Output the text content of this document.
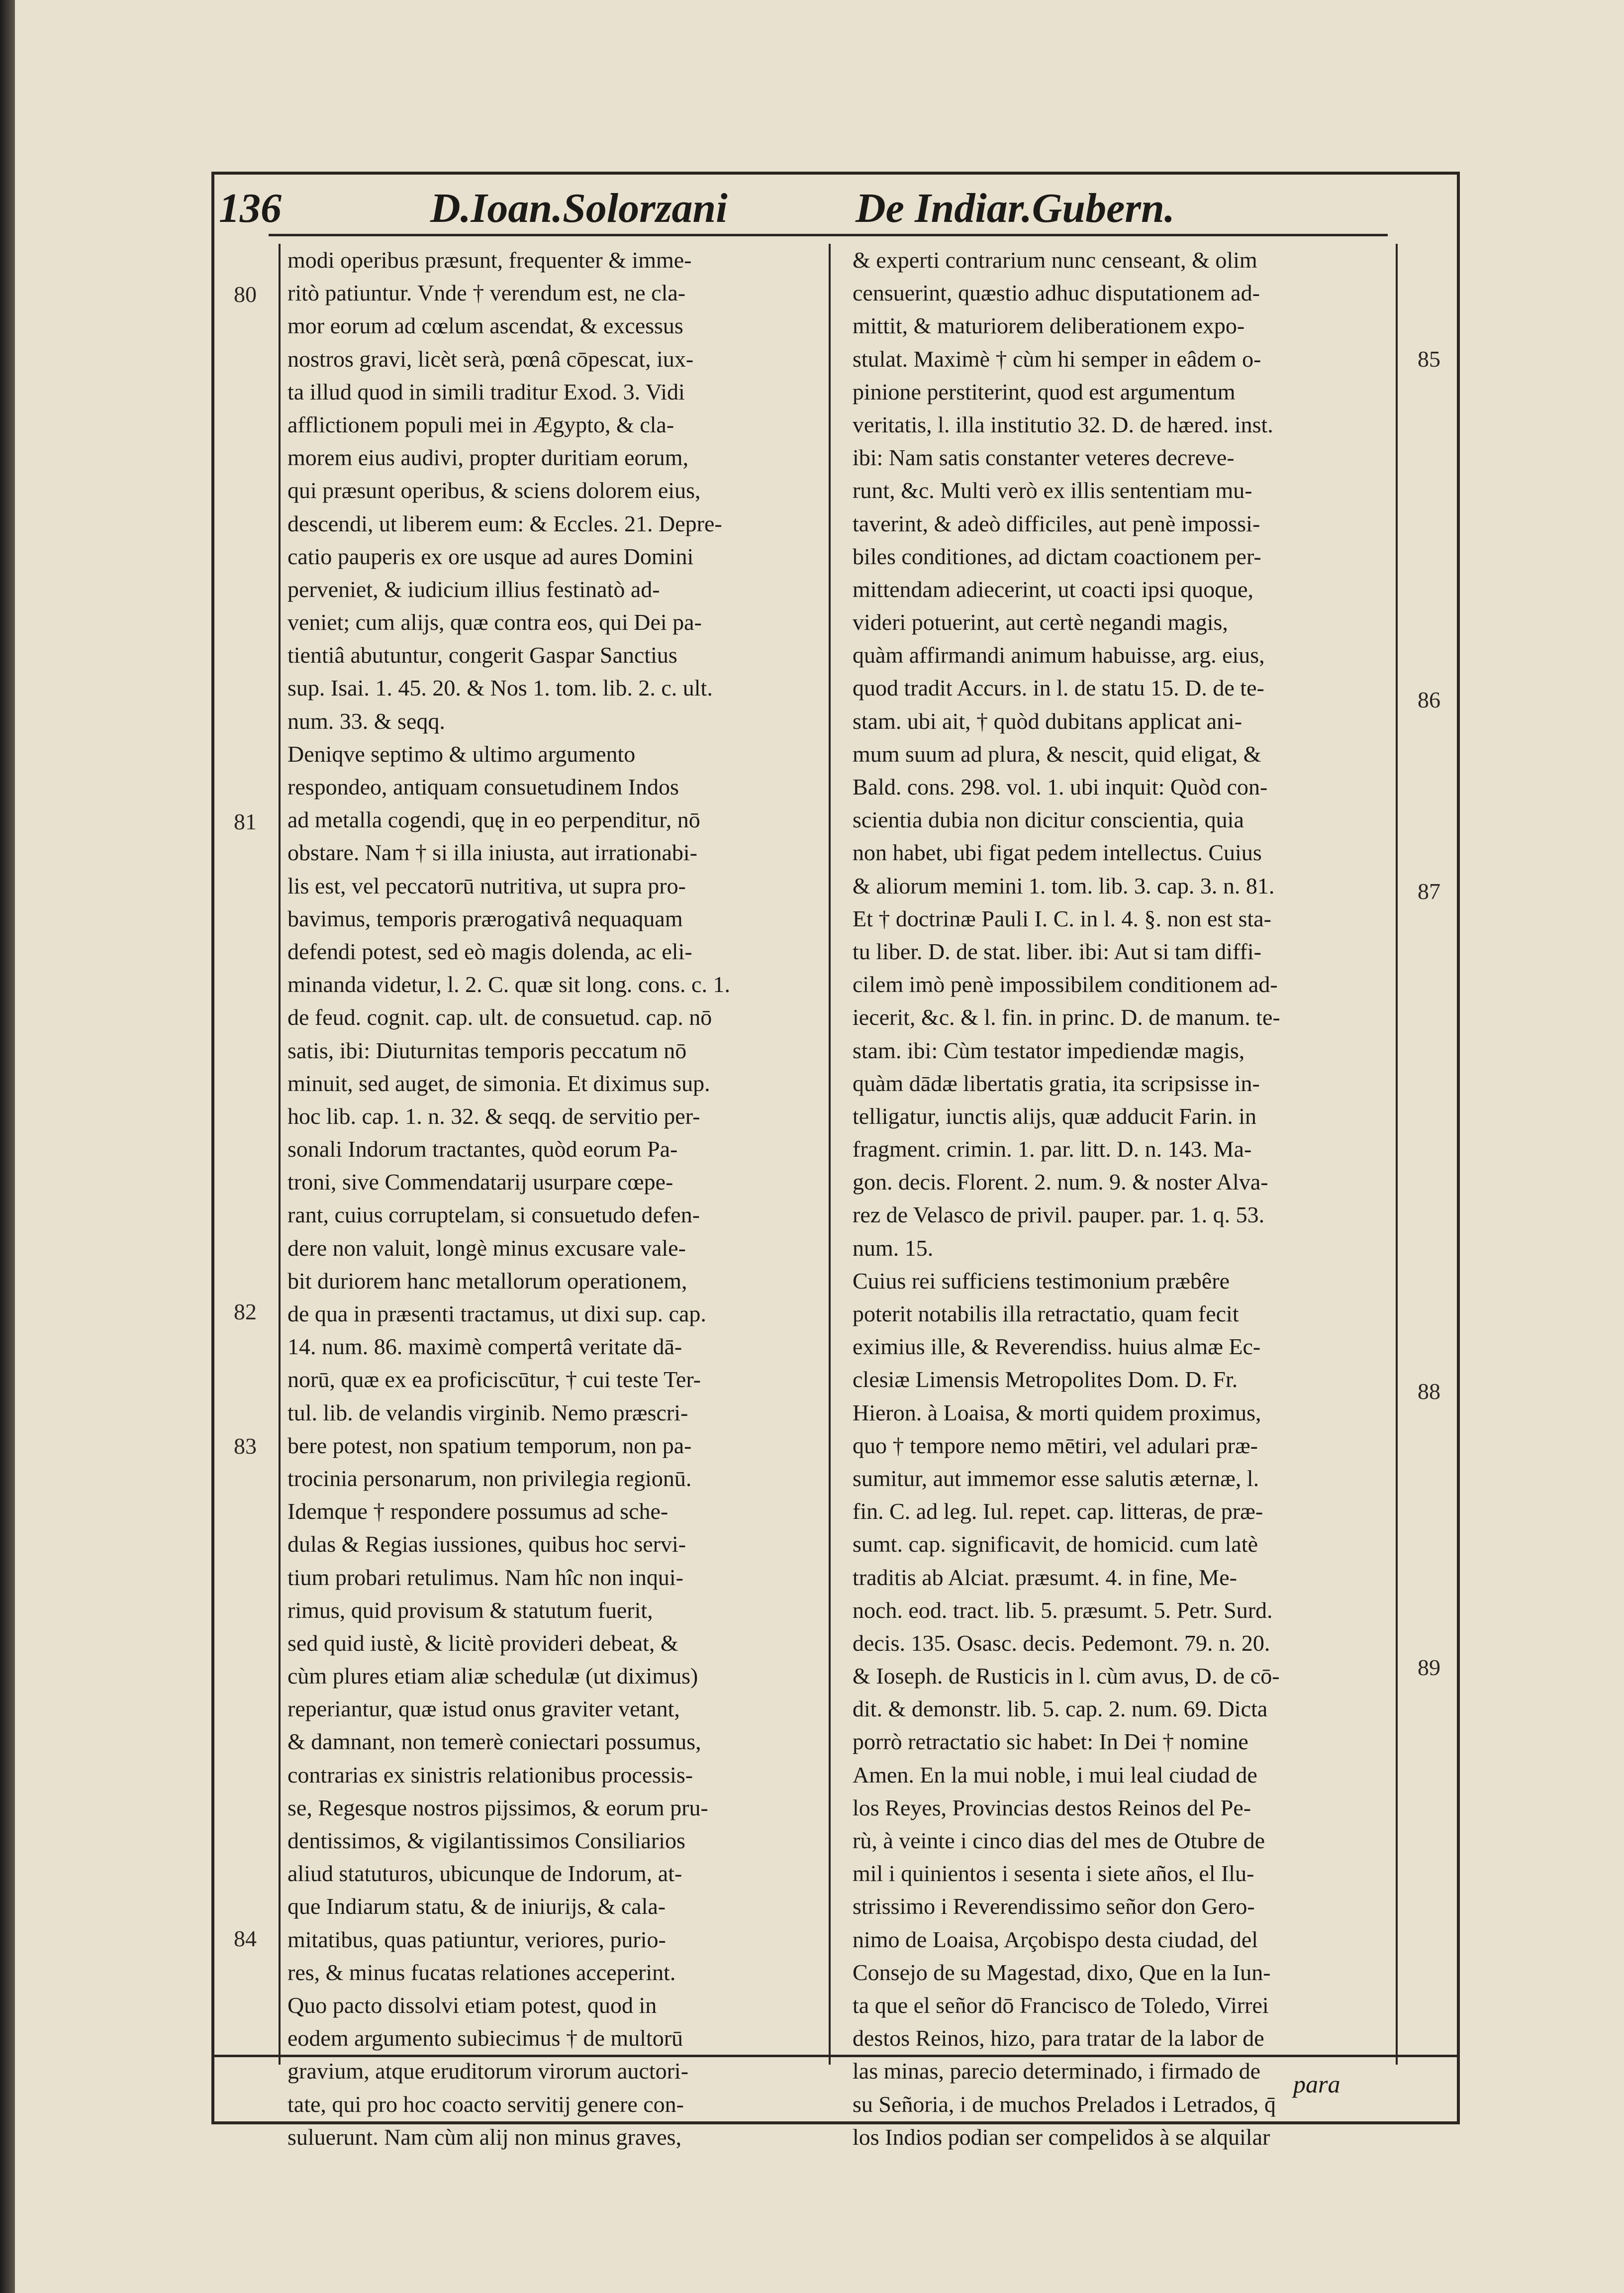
136	D.Ioan.Solorzani	De Indiar.Gubern.
modi operibus præsunt, frequenter & imme-
ritò patiuntur. Vnde † verendum est, ne cla-
mor eorum ad cœlum ascendat, & excessus
nostros gravi, licèt serà, pœnâ cōpescat, iux-
ta illud quod in simili traditur Exod. 3. Vidi
afflictionem populi mei in Ægypto, & cla-
morem eius audivi, propter duritiam eorum,
qui præsunt operibus, & sciens dolorem eius,
descendi, ut liberem eum: & Eccles. 21. Depre-
catio pauperis ex ore usque ad aures Domini
perveniet, & iudicium illius festinatò ad-
veniet; cum alijs, quæ contra eos, qui Dei pa-
tientiâ abutuntur, congerit Gaspar Sanctius
sup. Isai. 1. 45. 20. & Nos 1. tom. lib. 2. c. ult.
num. 33. & seqq.
Deniqve septimo & ultimo argumento
respondeo, antiquam consuetudinem Indos
ad metalla cogendi, quę in eo perpenditur, nō
obstare. Nam † si illa iniusta, aut irrationabi-
lis est, vel peccatorū nutritiva, ut supra pro-
bavimus, temporis prærogativâ nequaquam
defendi potest, sed eò magis dolenda, ac eli-
minanda videtur, l. 2. C. quæ sit long. cons. c. 1.
de feud. cognit. cap. ult. de consuetud. cap. nō
satis, ibi: Diuturnitas temporis peccatum nō
minuit, sed auget, de simonia. Et diximus sup.
hoc lib. cap. 1. n. 32. & seqq. de servitio per-
sonali Indorum tractantes, quòd eorum Pa-
troni, sive Commendatarij usurpare cœpe-
rant, cuius corruptelam, si consuetudo defen-
dere non valuit, longè minus excusare vale-
bit duriorem hanc metallorum operationem,
de qua in præsenti tractamus, ut dixi sup. cap.
14. num. 86. maximè compertâ veritate dā-
norū, quæ ex ea proficiscūtur, † cui teste Ter-
tul. lib. de velandis virginib. Nemo præscri-
bere potest, non spatium temporum, non pa-
trocinia personarum, non privilegia regionū.
Idemque † respondere possumus ad sche-
dulas & Regias iussiones, quibus hoc servi-
tium probari retulimus. Nam hîc non inqui-
rimus, quid provisum & statutum fuerit,
sed quid iustè, & licitè provideri debeat, &
cùm plures etiam aliæ schedulæ (ut diximus)
reperiantur, quæ istud onus graviter vetant,
& damnant, non temerè coniectari possumus,
contrarias ex sinistris relationibus processis-
se, Regesque nostros pijssimos, & eorum pru-
dentissimos, & vigilantissimos Consiliarios
aliud statuturos, ubicunque de Indorum, at-
que Indiarum statu, & de iniurijs, & cala-
mitatibus, quas patiuntur, veriores, purio-
res, & minus fucatas relationes acceperint.
Quo pacto dissolvi etiam potest, quod in
eodem argumento subiecimus † de multorū
gravium, atque eruditorum virorum auctori-
tate, qui pro hoc coacto servitij genere con-
suluerunt. Nam cùm alij non minus graves,
& experti contrarium nunc censeant, & olim
censuerint, quæstio adhuc disputationem ad-
mittit, & maturiorem deliberationem expo-
stulat. Maximè † cùm hi semper in eâdem o-
pinione perstiterint, quod est argumentum
veritatis, l. illa institutio 32. D. de hæred. inst.
ibi: Nam satis constanter veteres decreve-
runt, &c. Multi verò ex illis sententiam mu-
taverint, & adeò difficiles, aut penè impossi-
biles conditiones, ad dictam coactionem per-
mittendam adiecerint, ut coacti ipsi quoque,
videri potuerint, aut certè negandi magis,
quàm affirmandi animum habuisse, arg. eius,
quod tradit Accurs. in l. de statu 15. D. de te-
stam. ubi ait, † quòd dubitans applicat ani-
mum suum ad plura, & nescit, quid eligat, &
Bald. cons. 298. vol. 1. ubi inquit: Quòd con-
scientia dubia non dicitur conscientia, quia
non habet, ubi figat pedem intellectus. Cuius
& aliorum memini 1. tom. lib. 3. cap. 3. n. 81.
Et † doctrinæ Pauli I. C. in l. 4. §. non est sta-
tu liber. D. de stat. liber. ibi: Aut si tam diffi-
cilem imò penè impossibilem conditionem ad-
iecerit, &c. & l. fin. in princ. D. de manum. te-
stam. ibi: Cùm testator impediendæ magis,
quàm dādæ libertatis gratia, ita scripsisse in-
telligatur, iunctis alijs, quæ adducit Farin. in
fragment. crimin. 1. par. litt. D. n. 143. Ma-
gon. decis. Florent. 2. num. 9. & noster Alva-
rez de Velasco de privil. pauper. par. 1. q. 53.
num. 15.
Cuius rei sufficiens testimonium præbêre
poterit notabilis illa retractatio, quam fecit
eximius ille, & Reverendiss. huius almæ Ec-
clesiæ Limensis Metropolites Dom. D. Fr.
Hieron. à Loaisa, & morti quidem proximus,
quo † tempore nemo mētiri, vel adulari præ-
sumitur, aut immemor esse salutis æternæ, l.
fin. C. ad leg. Iul. repet. cap. litteras, de præ-
sumt. cap. significavit, de homicid. cum latè
traditis ab Alciat. præsumt. 4. in fine, Me-
noch. eod. tract. lib. 5. præsumt. 5. Petr. Surd.
decis. 135. Osasc. decis. Pedemont. 79. n. 20.
& Ioseph. de Rusticis in l. cùm avus, D. de cō-
dit. & demonstr. lib. 5. cap. 2. num. 69. Dicta
porrò retractatio sic habet: In Dei † nomine
Amen. En la mui noble, i mui leal ciudad de
los Reyes, Provincias destos Reinos del Pe-
rù, à veinte i cinco dias del mes de Otubre de
mil i quinientos i sesenta i siete años, el Ilu-
strissimo i Reverendissimo señor don Gero-
nimo de Loaisa, Arçobispo desta ciudad, del
Consejo de su Magestad, dixo, Que en la Iun-
ta que el señor dō Francisco de Toledo, Virrei
destos Reinos, hizo, para tratar de la labor de
las minas, parecio determinado, i firmado de
su Señoria, i de muchos Prelados i Letrados, q̄
los Indios podian ser compelidos à se alquilar
80
81
82
83
84
85
86
87
88
89
para
